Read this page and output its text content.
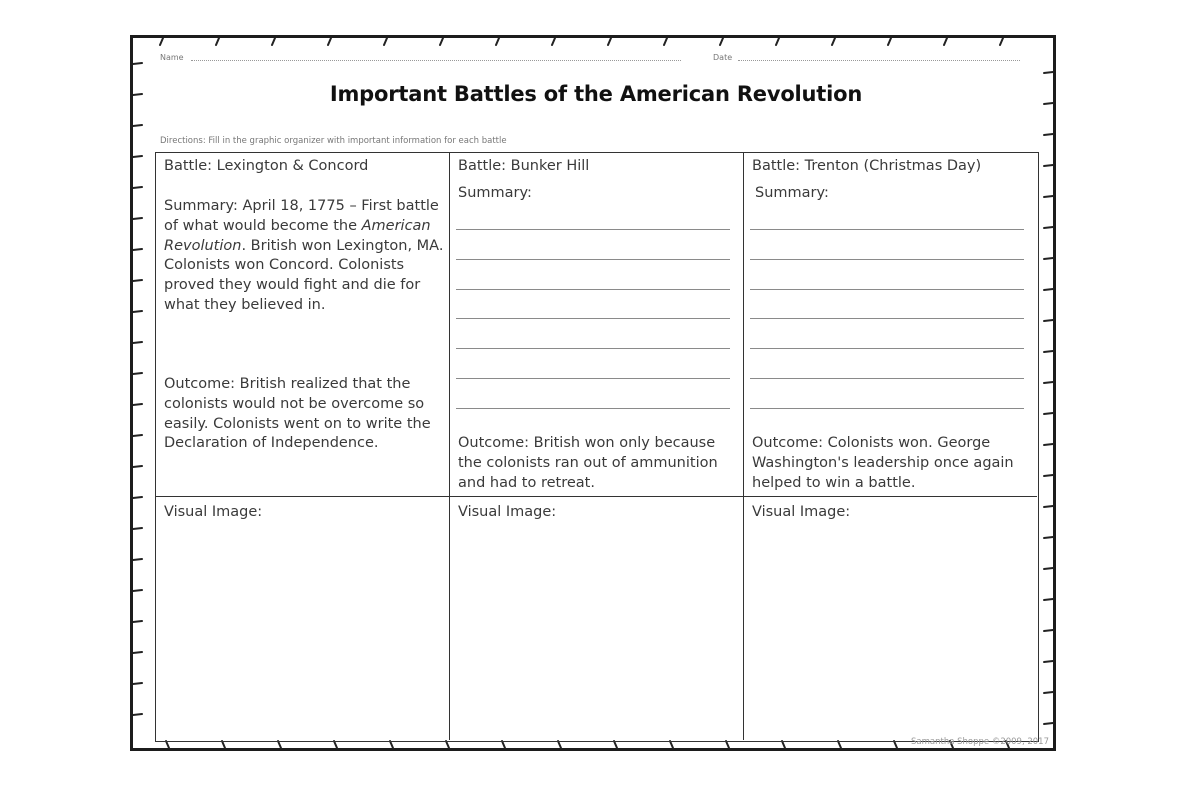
Name	Date
Important Battles of the American Revolution
Directions: Fill in the graphic organizer with important information for each battle
Battle: Lexington & Concord
Summary: April 18, 1775 – First battle of what would become the American Revolution. British won Lexington, MA. Colonists won Concord. Colonists proved they would fight and die for what they believed in.
Outcome: British realized that the colonists would not be overcome so easily. Colonists went on to write the Declaration of Independence.
Visual Image:
Battle: Bunker Hill
Summary:
Outcome: British won only because the colonists ran out of ammunition and had to retreat.
Visual Image:
Battle: Trenton (Christmas Day)
Summary:
Outcome: Colonists won. George Washington's leadership once again helped to win a battle.
Visual Image:
Samantha Shoppe ©2009, 2017
